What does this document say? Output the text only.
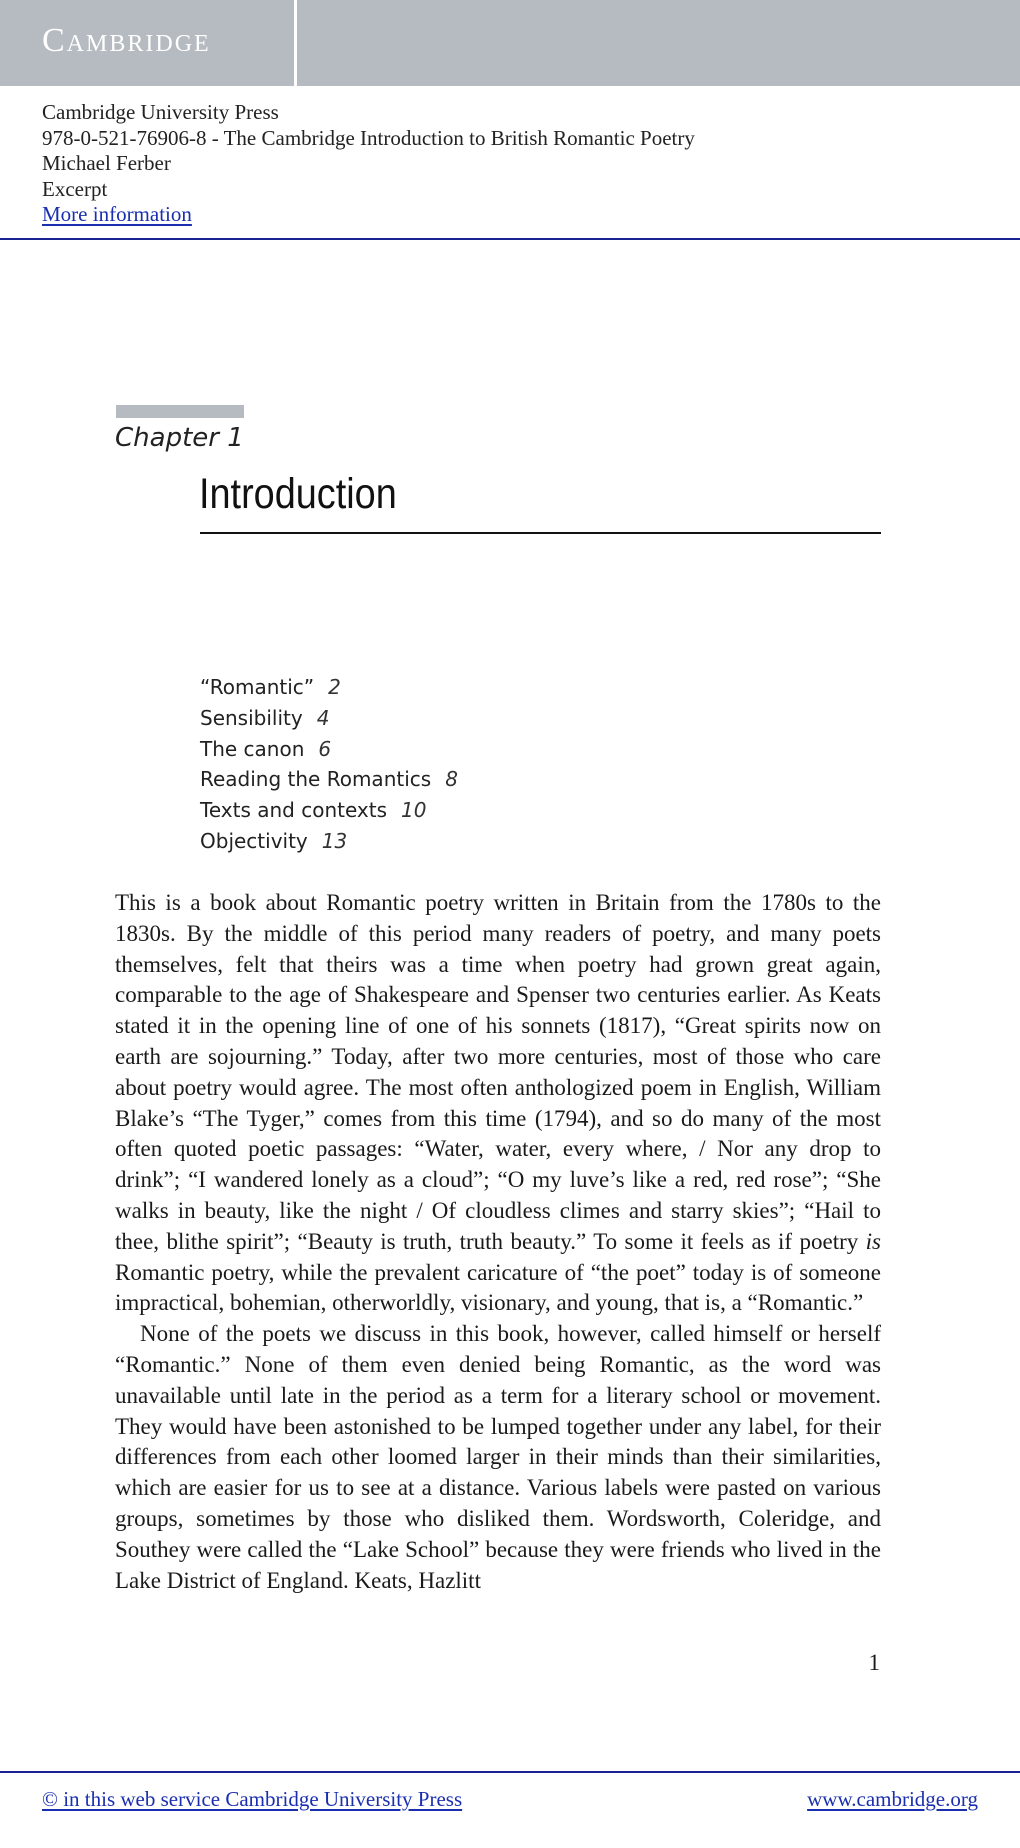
Cambridge
Cambridge University Press
978-0-521-76906-8 - The Cambridge Introduction to British Romantic Poetry
Michael Ferber
Excerpt
More information
Chapter 1
Introduction
“Romantic” 2
Sensibility 4
The canon 6
Reading the Romantics 8
Texts and contexts 10
Objectivity 13

This is a book about Romantic poetry written in Britain from the 1780s to the 1830s. By the middle of this period many readers of poetry, and many poets themselves, felt that theirs was a time when poetry had grown great again, comparable to the age of Shakespeare and Spenser two centuries earlier. As Keats stated it in the opening line of one of his sonnets (1817), “Great spirits now on earth are sojourning.” Today, after two more centuries, most of those who care about poetry would agree. The most often anthologized poem in English, William Blake’s “The Tyger,” comes from this time (1794), and so do many of the most often quoted poetic passages: “Water, water, every where, / Nor any drop to drink”; “I wandered lonely as a cloud”; “O my luve’s like a red, red rose”; “She walks in beauty, like the night / Of cloudless climes and starry skies”; “Hail to thee, blithe spirit”; “Beauty is truth, truth beauty.” To some it feels as if poetry is Romantic poetry, while the prevalent caricature of “the poet” today is of someone impractical, bohemian, otherworldly, visionary, and young, that is, a “Romantic.”

None of the poets we discuss in this book, however, called himself or herself “Romantic.” None of them even denied being Romantic, as the word was unavailable until late in the period as a term for a literary school or movement. They would have been astonished to be lumped together under any label, for their differences from each other loomed larger in their minds than their similarities, which are easier for us to see at a distance. Various labels were pasted on various groups, sometimes by those who disliked them. Wordsworth, Coleridge, and Southey were called the “Lake School” because they were friends who lived in the Lake District of England. Keats, Hazlitt

1
© in this web service Cambridge University Press	www.cambridge.org
